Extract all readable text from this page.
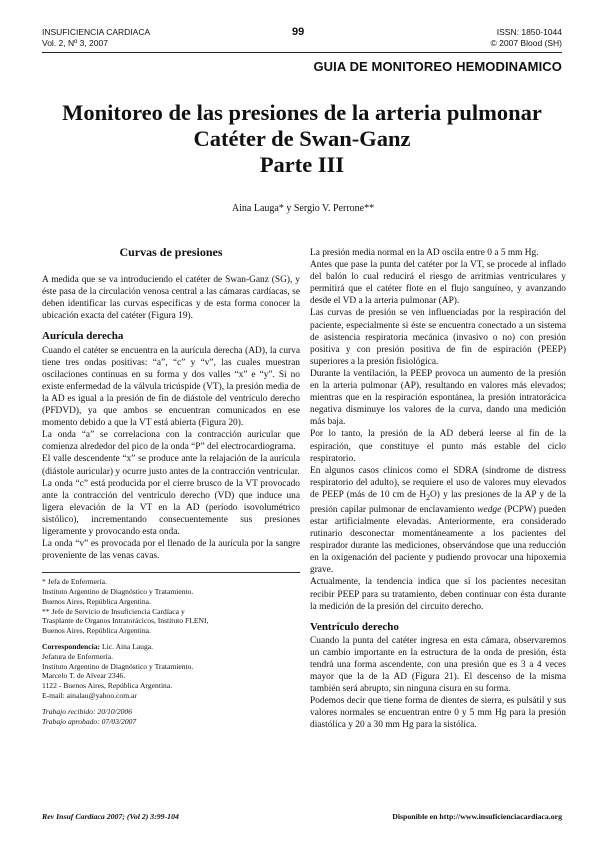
INSUFICIENCIA CARDIACA
Vol. 2, Nº 3, 2007
99	ISSN: 1850-1044
© 2007 Blood (SH)
GUIA DE MONITOREO HEMODINAMICO
Monitoreo de las presiones de la arteria pulmonar
Catéter de Swan-Ganz
Parte III
Aina Lauga* y Sergio V. Perrone**

Curvas de presiones

A medida que se va introduciendo el catéter de Swan-Ganz (SG), y éste pasa de la circulación venosa central a las cámaras cardíacas, se deben identificar las curvas específicas y de esta forma conocer la ubicación exacta del catéter (Figura 19).

Aurícula derecha

Cuando el catéter se encuentra en la aurícula derecha (AD), la curva tiene tres ondas positivas: “a”, “c” y “v”, las cuales muestran oscilaciones continuas en su forma y dos valles “x” e “y”. Si no existe enfermedad de la válvula tricúspide (VT), la presión media de la AD es igual a la presión de fin de diástole del ventrículo derecho (PFDVD), ya que ambos se encuentran comunicados en ese momento debido a que la VT está abierta (Figura 20).

La onda “a” se correlaciona con la contracción auricular que comienza alrededor del pico de la onda “P” del electrocardiograma.

El valle descendente “x” se produce ante la relajación de la aurícula (diástole auricular) y ocurre justo antes de la contracción ventricular.

La onda “c” está producida por el cierre brusco de la VT provocado ante la contracción del ventrículo derecho (VD) que induce una ligera elevación de la VT en la AD (período isovolumétrico sistólico), incrementando consecuentemente sus presiones ligeramente y provocando esta onda.

La onda “v” es provocada por el llenado de la aurícula por la sangre proveniente de las venas cavas.

* Jefa de Enfermería.
Instituto Argentino de Diagnóstico y Tratamiento.
Buenos Aires, República Argentina.
** Jefe de Servicio de Insuficiencia Cardíaca y
Trasplante de Organos Intratorácicos, Instituto FLENI,
Buenos Aires, República Argentina.
Correspondencia: Lic. Aina Lauga.
Jefatura de Enfermería.
Instituto Argentino de Diagnóstico y Tratamiento.
Marcelo T. de Alvear 2346.
1122 - Buenos Aires, República Argentina.
E-mail: ainalau@yahoo.com.ar
Trabajo recibido: 20/10/2006
Trabajo aprobado: 07/03/2007

La presión media normal en la AD oscila entre 0 a 5 mm Hg.

Antes que pase la punta del catéter por la VT, se procede al inflado del balón lo cual reducirá el riesgo de arritmias ventriculares y permitirá que el catéter flote en el flujo sanguíneo, y avanzando desde el VD a la arteria pulmonar (AP).

Las curvas de presión se ven influenciadas por la respiración del paciente, especialmente si éste se encuentra conectado a un sistema de asistencia respiratoria mecánica (invasivo o no) con presión positiva y con presión positiva de fin de espiración (PEEP) superiores a la presión fisiológica.

Durante la ventilación, la PEEP provoca un aumento de la presión en la arteria pulmonar (AP), resultando en valores más elevados; mientras que en la respiración espontánea, la presión intratorácica negativa disminuye los valores de la curva, dando una medición más baja.

Por lo tanto, la presión de la AD deberá leerse al fin de la espiración, que constituye el punto más estable del ciclo respiratorio.

En algunos casos clínicos como el SDRA (síndrome de distress respiratorio del adulto), se requiere el uso de valores muy elevados de PEEP (más de 10 cm de $H_2O$) y las presiones de la AP y de la presión capilar pulmonar de enclavamiento wedge (PCPW) pueden estar artificialmente elevadas. Anteriormente, era considerado rutinario desconectar momentáneamente a los pacientes del respirador durante las mediciones, observándose que una reducción en la oxigenación del paciente y pudiendo provocar una hipoxemia grave.

Actualmente, la tendencia indica que si los pacientes necesitan recibir PEEP para su tratamiento, deben continuar con ésta durante la medición de la presión del circuito derecho.

Ventrículo derecho

Cuando la punta del catéter ingresa en esta cámara, observaremos un cambio importante en la estructura de la onda de presión, ésta tendrá una forma ascendente, con una presión que es 3 a 4 veces mayor que la de la AD (Figura 21). El descenso de la misma también será abrupto, sin ninguna cisura en su forma.

Podemos decir que tiene forma de dientes de sierra, es pulsátil y sus valores normales se encuentran entre 0 y 5 mm Hg para la presión diastólica y 20 a 30 mm Hg para la sistólica.

Rev Insuf Cardíaca 2007; (Vol 2) 3:99-104	Disponible en http://www.insuficienciacardiaca.org
